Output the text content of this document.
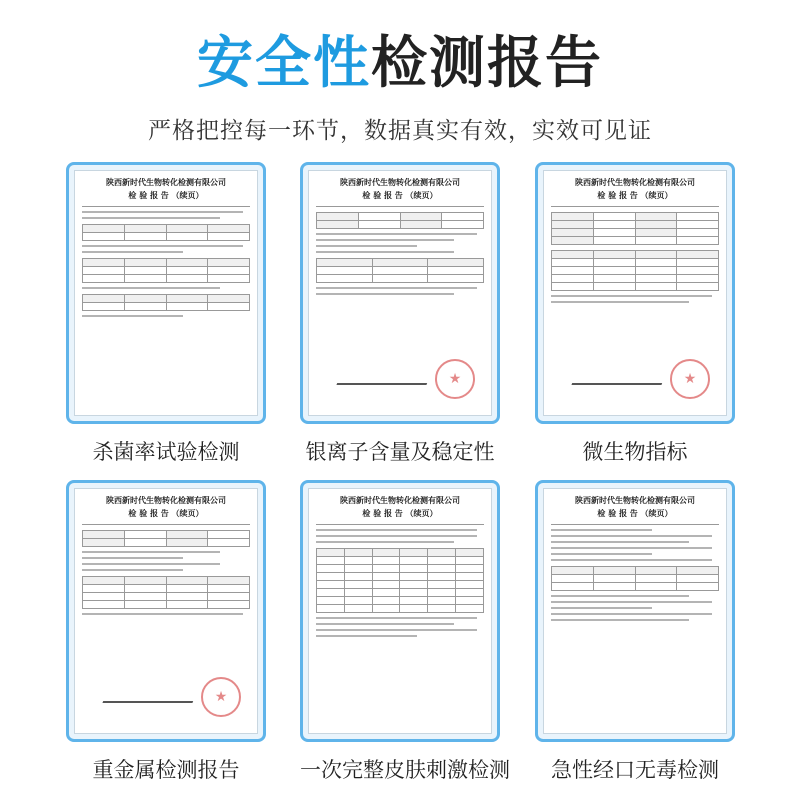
安全性检测报告
严格把控每一环节，数据真实有效，实效可见证
陕西新时代生物转化检测有限公司
检 验 报 告 （续页）

杀菌率试验检测
陕西新时代生物转化检测有限公司
检 验 报 告 （续页）

★
银离子含量及稳定性
陕西新时代生物转化检测有限公司
检 验 报 告 （续页）

★
微生物指标
陕西新时代生物转化检测有限公司
检 验 报 告 （续页）

★
重金属检测报告
陕西新时代生物转化检测有限公司
检 验 报 告 （续页）

一次完整皮肤刺激检测
陕西新时代生物转化检测有限公司
检 验 报 告 （续页）

急性经口无毒检测
